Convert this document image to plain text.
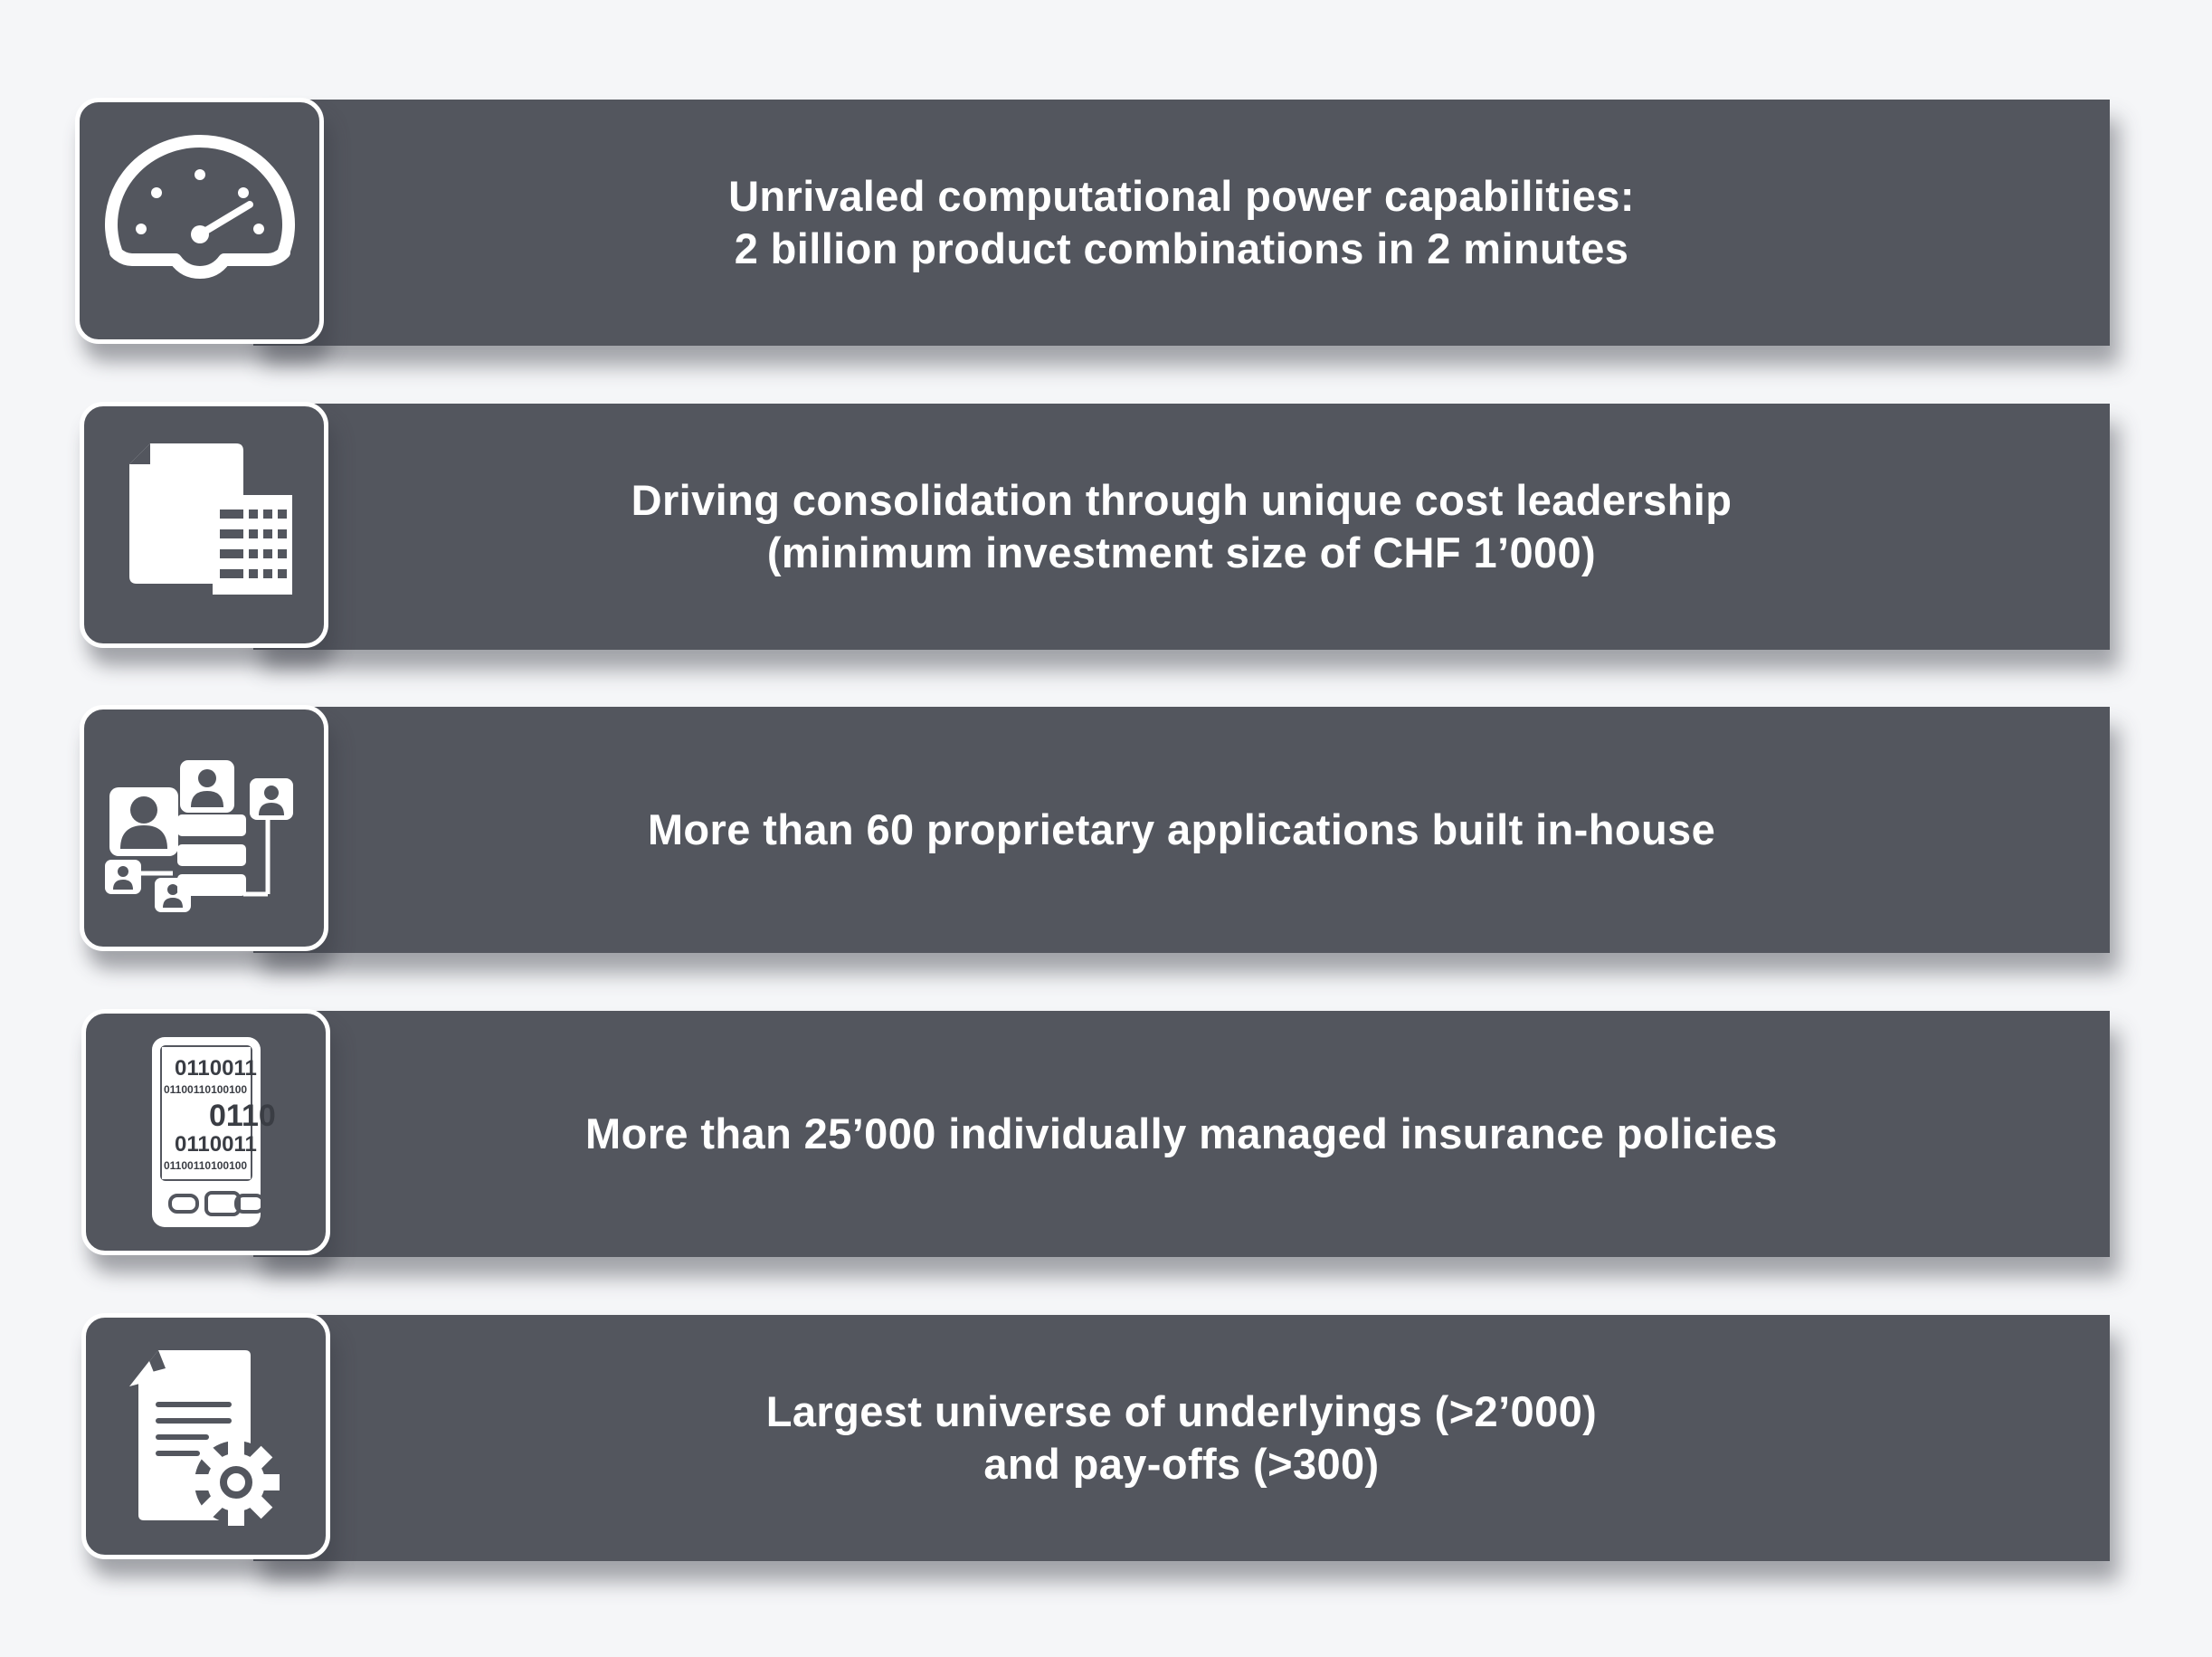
Unrivaled computational power capabilities:
2 billion product combinations in 2 minutes
Driving consolidation through unique cost leadership
(minimum investment size of CHF 1’000)
More than 60 proprietary applications built in-house
0110011
01100110100100
0110
0110011
01100110100100
More than 25’000 individually managed insurance policies
Largest universe of underlyings (>2’000)
and pay-offs (>300)
